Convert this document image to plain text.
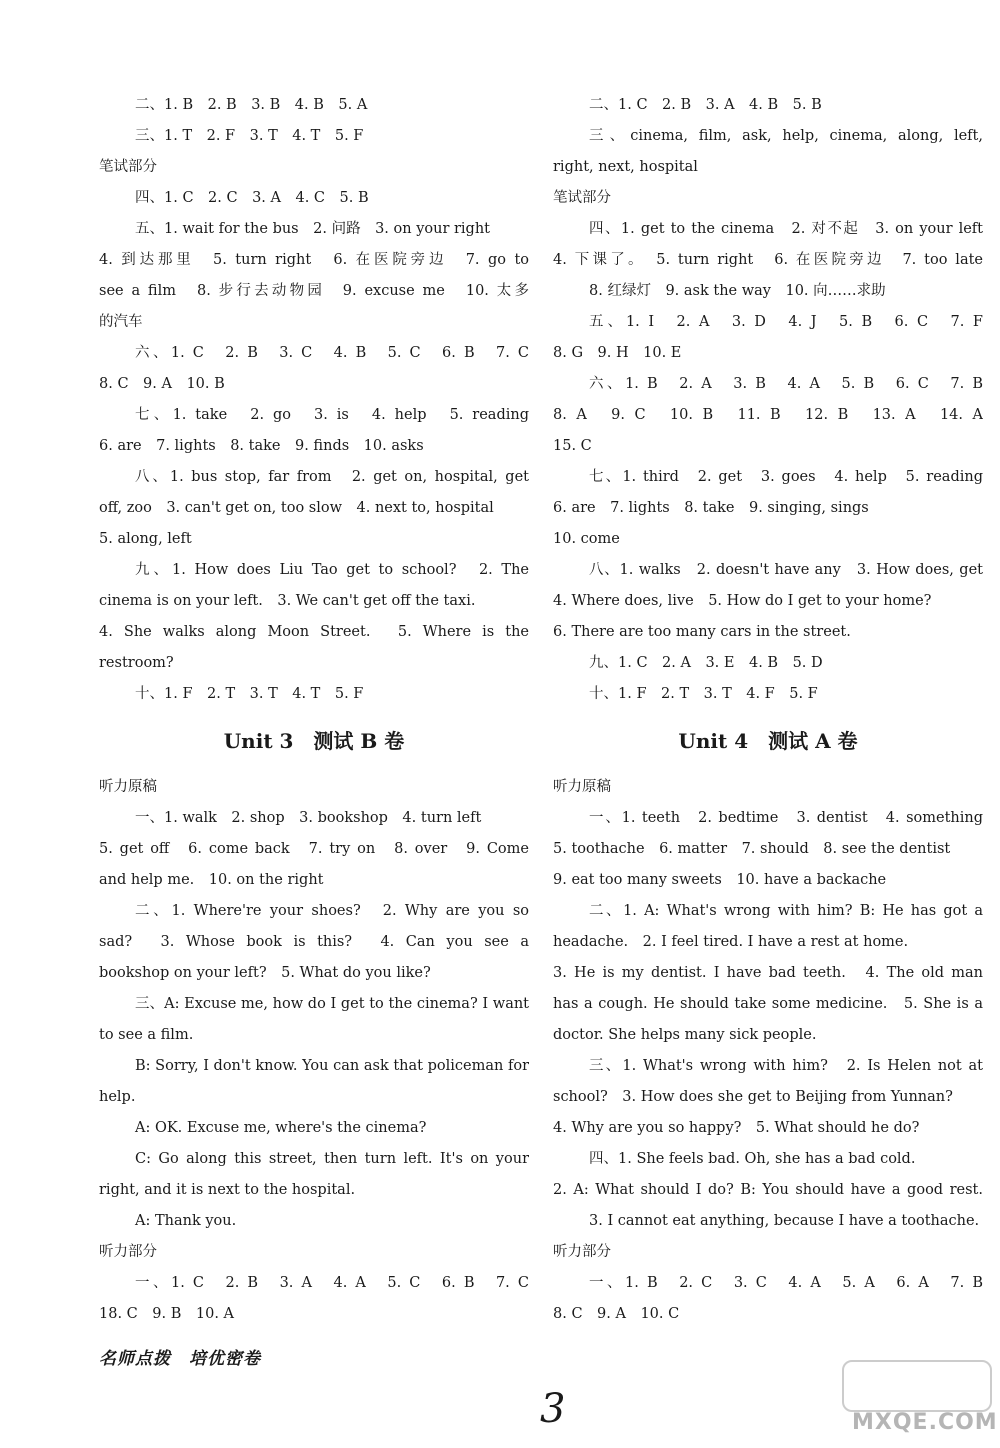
二、1. B　2. B　3. B　4. B　5. A
三、1. T　2. F　3. T　4. T　5. F
笔试部分
四、1. C　2. C　3. A　4. C　5. B
五、1. wait for the bus　2. 问路　3. on your right
4. 到达那里　5. turn right　6. 在医院旁边　7. go to
see a film　8. 步行去动物园　9. excuse me　10. 太多
的汽车
六、1. C　2. B　3. C　4. B　5. C　6. B　7. C
8. C　9. A　10. B
七、1. take　2. go　3. is　4. help　5. reading
6. are　7. lights　8. take　9. finds　10. asks
八、1. bus stop, far from　2. get on, hospital, get
off, zoo　3. can't get on, too slow　4. next to, hospital
5. along, left
九、1. How does Liu Tao get to school?　2. The
cinema is on your left.　3. We can't get off the taxi.
4. She walks along Moon Street.　5. Where is the
restroom?
十、1. F　2. T　3. T　4. T　5. F
Unit 3　测试 B 卷
听力原稿
一、1. walk　2. shop　3. bookshop　4. turn left
5. get off　6. come back　7. try on　8. over　9. Come
and help me.　10. on the right
二、1. Where're your shoes?　2. Why are you so
sad?　3. Whose book is this?　4. Can you see a
bookshop on your left?　5. What do you like?
三、A: Excuse me, how do I get to the cinema? I want
to see a film.
B: Sorry, I don't know. You can ask that policeman for
help.
A: OK. Excuse me, where's the cinema?
C: Go along this street, then turn left. It's on your
right, and it is next to the hospital.
A: Thank you.
听力部分
一、1. C　2. B　3. A　4. A　5. C　6. B　7. C
18. C　9. B　10. A
二、1. C　2. B　3. A　4. B　5. B
三、cinema, film, ask, help, cinema, along, left,
right, next, hospital
笔试部分
四、1. get to the cinema　2. 对不起　3. on your left
4. 下课了。　5. turn right　6. 在医院旁边　7. too late
8. 红绿灯　9. ask the way　10. 向……求助
五、1. I　2. A　3. D　4. J　5. B　6. C　7. F
8. G　9. H　10. E
六、1. B　2. A　3. B　4. A　5. B　6. C　7. B
8. A　9. C　10. B　11. B　12. B　13. A　14. A
15. C
七、1. third　2. get　3. goes　4. help　5. reading
6. are　7. lights　8. take　9. singing, sings
10. come
八、1. walks　2. doesn't have any　3. How does, get
4. Where does, live　5. How do I get to your home?
6. There are too many cars in the street.
九、1. C　2. A　3. E　4. B　5. D
十、1. F　2. T　3. T　4. F　5. F
Unit 4　测试 A 卷
听力原稿
一、1. teeth　2. bedtime　3. dentist　4. something
5. toothache　6. matter　7. should　8. see the dentist
9. eat too many sweets　10. have a backache
二、1. A: What's wrong with him? B: He has got a
headache.　2. I feel tired. I have a rest at home.
3. He is my dentist. I have bad teeth.　4. The old man
has a cough. He should take some medicine.　5. She is a
doctor. She helps many sick people.
三、1. What's wrong with him?　2. Is Helen not at
school?　3. How does she get to Beijing from Yunnan?
4. Why are you so happy?　5. What should he do?
四、1. She feels bad. Oh, she has a bad cold.
2. A: What should I do? B: You should have a good rest.
3. I cannot eat anything, because I have a toothache.
听力部分
一、1. B　2. C　3. C　4. A　5. A　6. A　7. B
8. C　9. A　10. C
名师点拨　培优密卷
3	MXQE.COM
